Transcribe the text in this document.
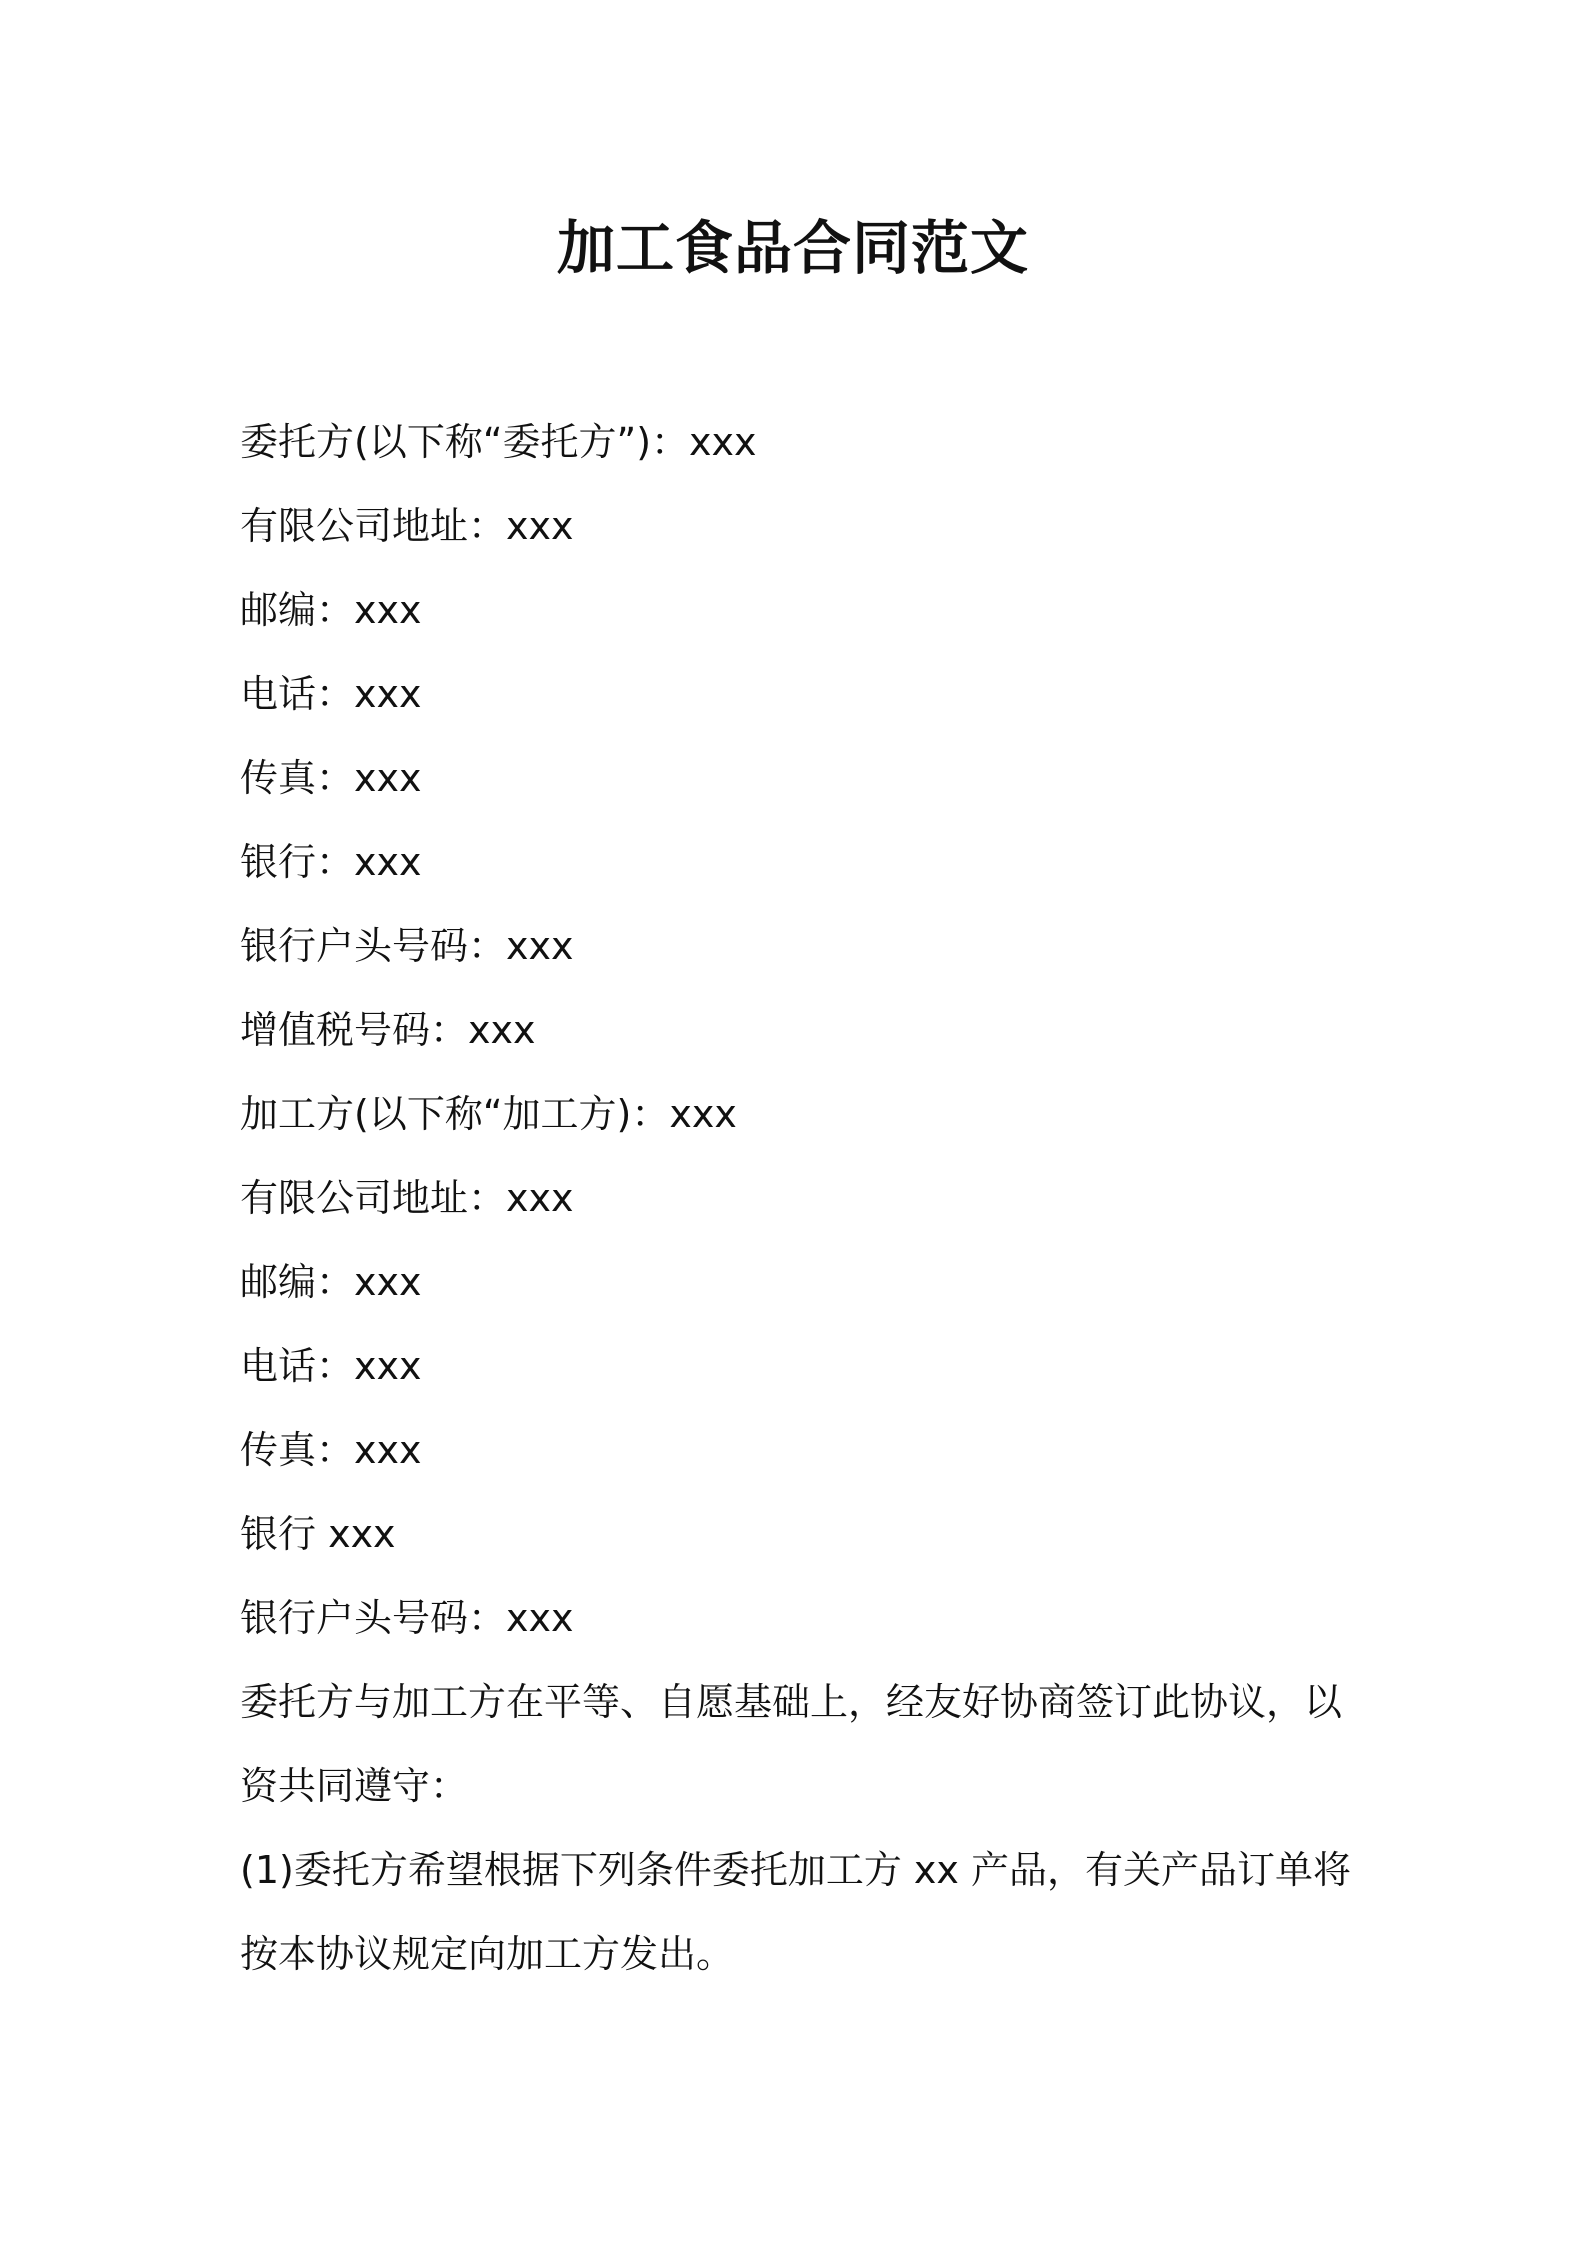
加工食品合同范文
委托方(以下称“委托方”)：xxx
有限公司地址：xxx
邮编：xxx
电话：xxx
传真：xxx
银行：xxx
银行户头号码：xxx
增值税号码：xxx
加工方(以下称“加工方)：xxx
有限公司地址：xxx
邮编：xxx
电话：xxx
传真：xxx
银行 xxx
银行户头号码：xxx
委托方与加工方在平等、自愿基础上，经友好协商签订此协议，以资共同遵守：
(1)委托方希望根据下列条件委托加工方 xx 产品，有关产品订单将按本协议规定向加工方发出。
